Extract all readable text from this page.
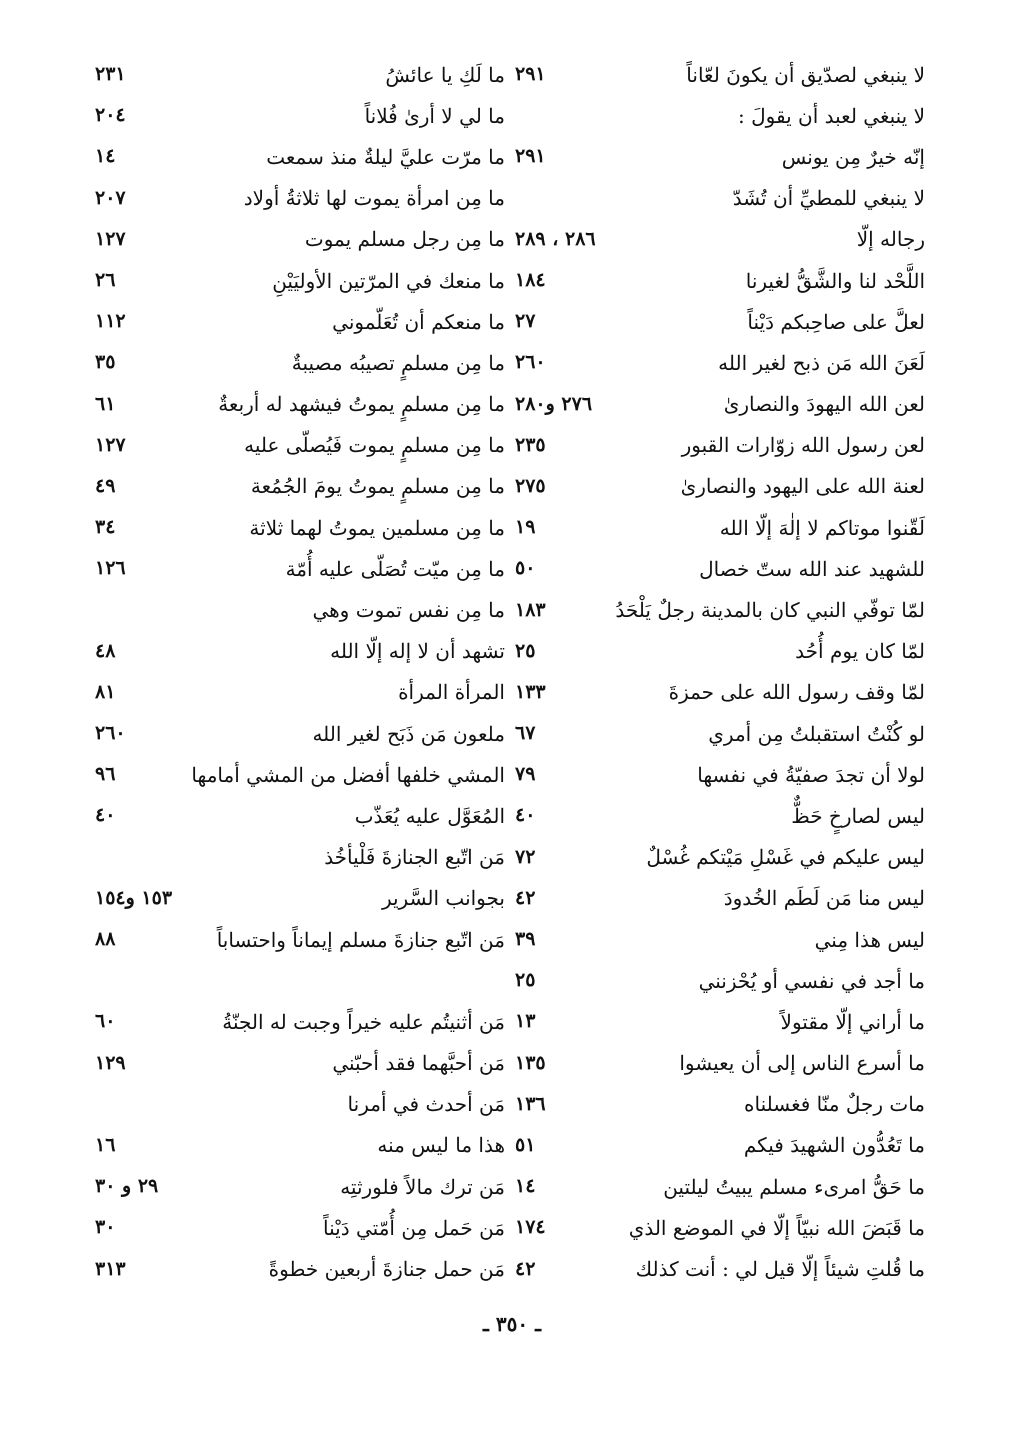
لا ينبغي لصدّيق أن يكونَ لعّاناً
٢٩١
لا ينبغي لعبد أن يقولَ :
إنّه خيرٌ مِن يونس
٢٩١
لا ينبغي للمطيِّ أن تُشَدّ
رجاله إلّا
٢٨٦ ، ٢٨٩
اللَّحْد لنا والشَّقُّ لغيرنا
١٨٤
لعلَّ على صاحِبكم دَيْناً
٢٧
لَعَنَ الله مَن ذبح لغير الله
٢٦٠
لعن الله اليهودَ والنصارىٰ
٢٧٦ و٢٨٠
لعن رسول الله زوّارات القبور
٢٣٥
لعنة الله على اليهود والنصارىٰ
٢٧٥
لَقّنوا موتاكم لا إلٰهَ إلّا الله
١٩
للشهيد عند الله ستّ خصال
٥٠
لمّا توفّي النبي كان بالمدينة رجلٌ يَلْحَدُ
١٨٣
لمّا كان يوم أُحُد
٢٥
لمّا وقف رسول الله على حمزةَ
١٣٣
لو كُنْتُ استقبلتُ مِن أمري
٦٧
لولا أن تجدَ صفيّةُ في نفسها
٧٩
ليس لصارخٍ حَظٌّ
٤٠
ليس عليكم في غَسْلِ مَيْتكم غُسْلٌ
٧٢
ليس منا مَن لَطَم الخُدودَ
٤٢
ليس هذا مِني
٣٩
ما أجد في نفسي أو يُحْزنني
٢٥
ما أراني إلّا مقتولاً
١٣
ما أسرع الناس إلى أن يعيشوا
١٣٥
مات رجلٌ منّا فغسلناه
١٣٦
ما تَعُدُّون الشهيدَ فيكم
٥١
ما حَقُّ امرىء مسلم يبيتُ ليلتين
١٤
ما قَبَضَ الله نبيّاً إلّا في الموضع الذي
١٧٤
ما قُلتِ شيئاً إلّا قيل لي : أنت كذلك
٤٢
ما لَكِ يا عائشُ
٢٣١
ما لي لا أرىٰ فُلاناً
٢٠٤
ما مرّت عليَّ ليلةٌ منذ سمعت
١٤
ما مِن امرأة يموت لها ثلاثةُ أولاد
٢٠٧
ما مِن رجل مسلم يموت
١٢٧
ما منعك في المرّتين الأوليَيْنِ
٢٦
ما منعكم أن تُعَلّموني
١١٢
ما مِن مسلمٍ تصيبُه مصيبةٌ
٣٥
ما مِن مسلمٍ يموتُ فيشهد له أربعةٌ
٦١
ما مِن مسلمٍ يموت فَيُصلّى عليه
١٢٧
ما مِن مسلمٍ يموتُ يومَ الجُمُعة
٤٩
ما مِن مسلمين يموتُ لهما ثلاثة
٣٤
ما مِن ميّت تُصَلّى عليه أُمّة
١٢٦
ما مِن نفس تموت وهي
تشهد أن لا إله إلّا الله
٤٨
المرأة المرأة
٨١
ملعون مَن ذَبَح لغير الله
٢٦٠
المشي خلفها أفضل من المشي أمامها
٩٦
المُعَوَّل عليه يُعَذّب
٤٠
مَن اتّبع الجنازةَ فَلْيأخُذ
بجوانب السَّرير
١٥٣ و١٥٤
مَن اتّبع جنازةَ مسلم إيماناً واحتساباً
٨٨
مَن أثنيتُم عليه خيراً وجبت له الجنّةُ
٦٠
مَن أحبَّهما فقد أحبّني
١٢٩
مَن أحدث في أمرنا
هذا ما ليس منه
١٦
مَن ترك مالاً فلورثتِه
٢٩ و ٣٠
مَن حَمل مِن أُمّتي دَيْناً
٣٠
مَن حمل جنازةَ أربعين خطوةً
٣١٣
ـ ٣٥٠ ـ
